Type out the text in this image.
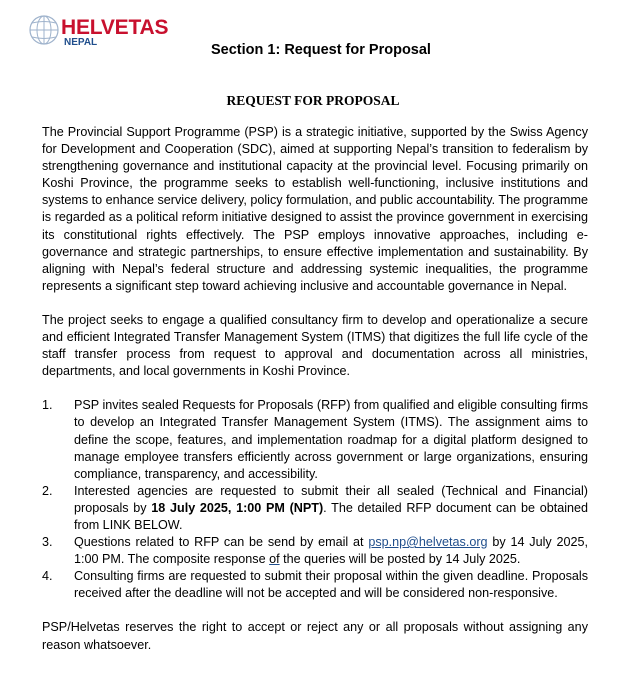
HELVETAS
NEPAL	Section 1: Request for Proposal
REQUEST FOR PROPOSAL

The Provincial Support Programme (PSP) is a strategic initiative, supported by the Swiss Agency for Development and Cooperation (SDC), aimed at supporting Nepal’s transition to federalism by strengthening governance and institutional capacity at the provincial level. Focusing primarily on Koshi Province, the programme seeks to establish well-functioning, inclusive institutions and systems to enhance service delivery, policy formulation, and public accountability. The programme is regarded as a political reform initiative designed to assist the province government in exercising its constitutional rights effectively. The PSP employs innovative approaches, including e-governance and strategic partnerships, to ensure effective implementation and sustainability. By aligning with Nepal’s federal structure and addressing systemic inequalities, the programme represents a significant step toward achieving inclusive and accountable governance in Nepal.

The project seeks to engage a qualified consultancy firm to develop and operationalize a secure and efficient Integrated Transfer Management System (ITMS) that digitizes the full life cycle of the staff transfer process from request to approval and documentation across all ministries, departments, and local governments in Koshi Province.

1.	PSP invites sealed Requests for Proposals (RFP) from qualified and eligible consulting firms to develop an Integrated Transfer Management System (ITMS). The assignment aims to define the scope, features, and implementation roadmap for a digital platform designed to manage employee transfers efficiently across government or large organizations, ensuring compliance, transparency, and accessibility.
2.	Interested agencies are requested to submit their all sealed (Technical and Financial) proposals by 18 July 2025, 1:00 PM (NPT). The detailed RFP document can be obtained from LINK BELOW.
3.	Questions related to RFP can be send by email at psp.np@helvetas.org by 14 July 2025, 1:00 PM. The composite response of the queries will be posted by 14 July 2025.
4.	Consulting firms are requested to submit their proposal within the given deadline. Proposals received after the deadline will not be accepted and will be considered non-responsive.

PSP/Helvetas reserves the right to accept or reject any or all proposals without assigning any reason whatsoever.
